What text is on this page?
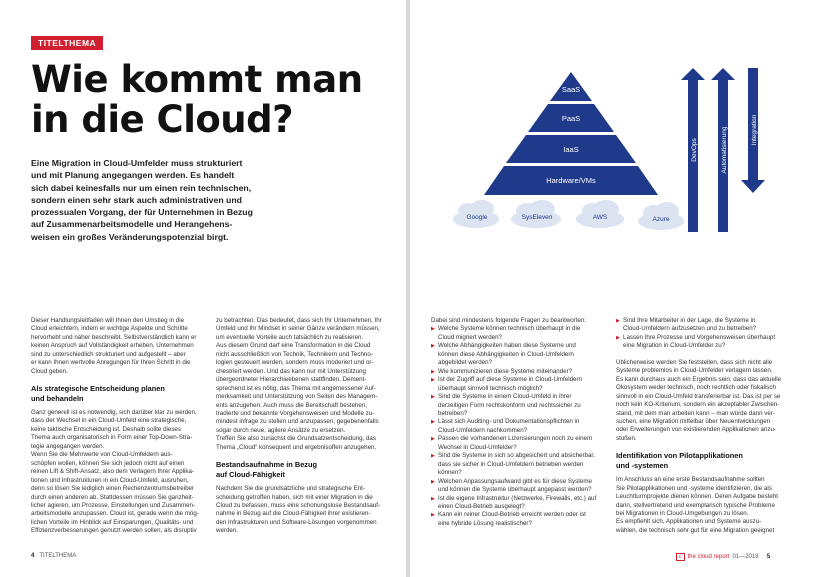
TITELTHEMA
Wie kommt man
in die Cloud?
Eine Migration in Cloud-Umfelder muss strukturiert
und mit Planung angegangen werden. Es handelt
sich dabei keinesfalls nur um einen rein technischen,
sondern einen sehr stark auch administrativen und
prozessualen Vorgang, der für Unternehmen in Bezug
auf Zusammenarbeitsmodelle und Herangehens-
weisen ein großes Veränderungspotenzial birgt.
Dieser Handlungsleitfaden will Ihnen den Umstieg in die
Cloud erleichtern, indem er wichtige Aspekte und Schritte
hervorhebt und näher beschreibt. Selbstverständlich kann er
keinen Anspruch auf Vollständigkeit erheben, Unternehmen
sind zu unterschiedlich strukturiert und aufgestellt – aber
er kann Ihnen wertvolle Anregungen für Ihren Schritt in die
Cloud geben.
Als strategische Entscheidung planen
und behandeln
Ganz generell ist es notwendig, sich darüber klar zu werden,
dass der Wechsel in ein Cloud-Umfeld eine strategische,
keine taktische Entscheidung ist. Deshalb sollte dieses
Thema auch organisatorisch in Form einer Top-Down-Stra-
tegie angegangen werden.
Wenn Sie die Mehrwerte von Cloud-Umfeldern aus-
schöpfen wollen, können Sie sich jedoch nicht auf einen
reinen Lift & Shift-Ansatz, also dem Verlagern Ihrer Applika-
tionen und Infrastrukturen in ein Cloud-Umfeld, ausruhen,
denn so lösen Sie lediglich einen Rechenzentrumsbetreiber
durch einen anderen ab. Stattdessen müssen Sie ganzheit-
licher agieren, um Prozesse, Einstellungen und Zusammen-
arbeitsmodelle anzupassen. Cloud ist, gerade wenn die mög-
lichen Vorteile im Hinblick auf Einsparungen, Qualitäts- und
Effizienzverbesserungen genutzt werden sollen, als disruptiv
zu betrachten. Das bedeutet, dass sich Ihr Unternehmen, Ihr
Umfeld und Ihr Mindset in seiner Gänze verändern müssen,
um eventuelle Vorteile auch tatsächlich zu realisieren.
Aus diesem Grund darf eine Transformation in die Cloud
nicht ausschließlich von Technik, Technikern und Techno-
logien gesteuert werden, sondern muss moderiert und or-
chestriert werden. Und das kann nur mit Unterstützung
übergeordneter Hierarchieebenen stattfinden. Dement-
sprechend ist es nötig, das Thema mit angemessener Auf-
merksamkeit und Unterstützung von Seiten des Managem-
ents anzugehen. Auch muss die Bereitschaft bestehen,
tradierte und bekannte Vorgehensweisen und Modelle zu-
mindest infrage zu stellen und anzupassen, gegebenenfalls
sogar durch neue, agilere Ansätze zu ersetzen.
Treffen Sie also zunächst die Grundsatzentscheidung, das
Thema „Cloud“ konsequent und ergebnisoffen anzugehen.
Bestandsaufnahme in Bezug
auf Cloud-Fähigkeit
Nachdem Sie die grundsätzliche und strategische Ent-
scheidung getroffen haben, sich mit einer Migration in die
Cloud zu befassen, muss eine schonungslose Bestandsauf-
nahme in Bezug auf die Cloud-Fähigkeit ihrer existieren-
den Infrastrukturen und Software-Lösungen vorgenommen
werden.
4 TITELTHEMA
SaaS
PaaS
IaaS
Hardware/VMs
Google	SysEleven	AWS	Azure
DevOps	Automatisierung	Integration
Dabei sind mindestens folgende Fragen zu beantworten:
▶ Welche Systeme können technisch überhaupt in die
Cloud migriert werden?
▶ Welche Abhängigkeiten haben diese Systeme und
können diese Abhängigkeiten in Cloud-Umfeldern
abgebildet werden?
▶ Wie kommunizieren diese Systeme miteinander?
▶ Ist der Zugriff auf diese Systeme in Cloud-Umfeldern
überhaupt sinnvoll technisch möglich?
▶ Sind die Systeme in einem Cloud-Umfeld in ihrer
derzeitigen Form rechtskonform und rechtssicher zu
betreiben?
▶ Lässt sich Auditing- und Dokumentationspflichten in
Cloud-Umfeldern nachkommen?
▶ Passen die vorhandenen Lizensierungen noch zu einem
Wechsel in Cloud-Umfelder?
▶ Sind die Systeme in sich so abgesichert und absicherbar,
dass sie sicher in Cloud-Umfeldern betrieben werden
können?
▶ Welchen Anpassungsaufwand gibt es für diese Systeme
und können die Systeme überhaupt angepasst werden?
▶ Ist die eigene Infrastruktur (Netzwerke, Firewalls, etc.) auf
einen Cloud-Betrieb ausgelegt?
▶ Kann ein reiner Cloud-Betrieb erreicht werden oder ist
eine hybride Lösung realistischer?
▶ Sind Ihre Mitarbeiter in der Lage, die Systeme in
Cloud-Umfeldern aufzusetzen und zu betreiben?
▶ Lassen Ihre Prozesse und Vorgehensweisen überhaupt
eine Migration in Cloud-Umfelder zu?
Üblicherweise werden Sie feststellen, dass sich nicht alle
Systeme problemlos in Cloud-Umfelder verlagern lassen.
Es kann durchaus auch ein Ergebnis sein, dass das aktuelle
Ökosystem weder technisch, noch rechtlich oder fiskalisch
sinnvoll in ein Cloud-Umfeld transferierbar ist. Das ist per se
noch kein KO-Kriterium, sondern ein akzeptabler Zwischen-
stand, mit dem man arbeiten kann – man würde dann ver-
suchen, eine Migration mittelbar über Neuentwicklungen
oder Erweiterungen von existierenden Applikationen anzu-
stoßen.
Identifikation von Pilotapplikationen
und -systemen
Im Anschluss an eine erste Bestandsaufnahme sollten
Sie Pilotapplikationen und -systeme identifizieren, die als
Leuchtturmprojekte dienen können. Deren Aufgabe besteht
darin, stellvertretend und exemplarisch typische Probleme
bei Migrationen in Cloud-Umgebungen zu lösen.
Es empfiehlt sich, Applikationen und Systeme auszu-
wählen, die technisch sehr gut für eine Migration geeignet
c the cloud report 01—2018 5
